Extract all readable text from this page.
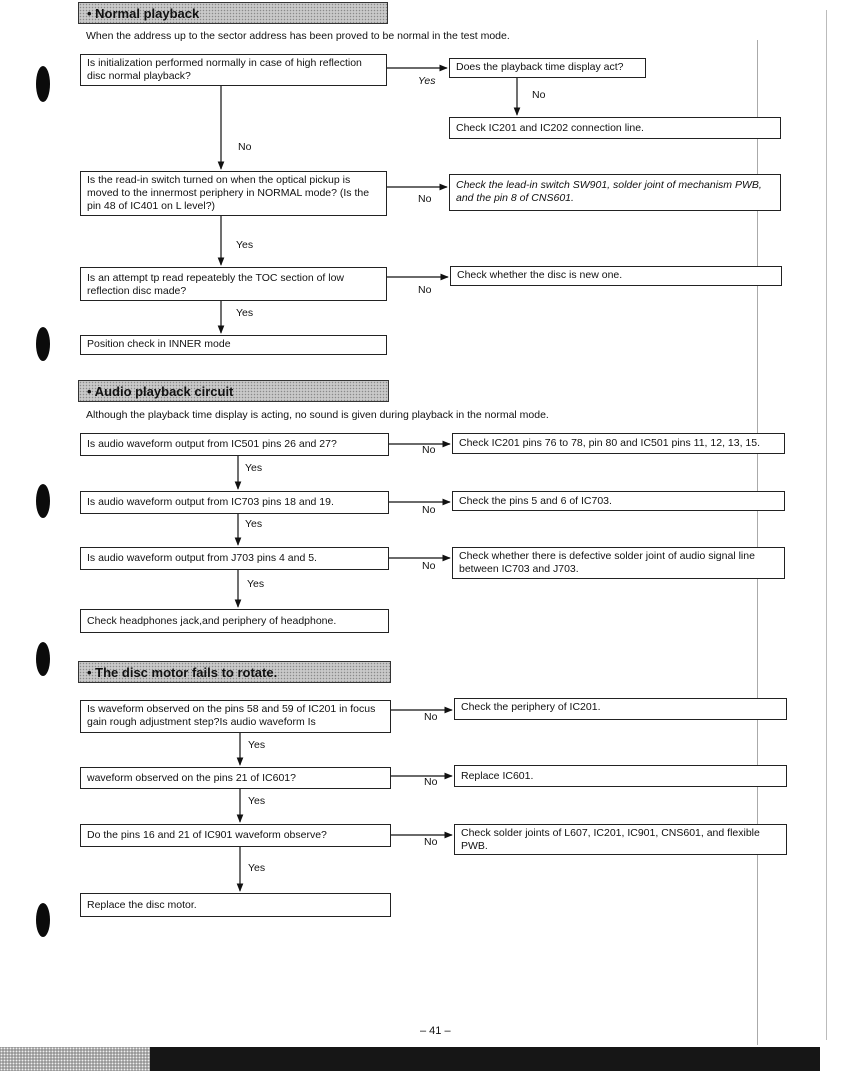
• Normal playback
When the address up to the sector address has been proved to be normal in the test mode.
Is initialization performed normally in case of high reflection disc normal playback?
Does the playback time display act?
Yes
No
Check IC201 and IC202 connection line.
No
Is the read-in switch turned on when the optical pickup is moved to the innermost periphery in NORMAL mode? (Is the pin 48 of IC401 on L level?)
Check the lead-in switch SW901, solder joint of mechanism PWB, and the pin 8 of CNS601.
No
Yes
Is an attempt tp read repeatebly the TOC section of low reflection disc made?
Check whether the disc is new one.
No
Yes
Position check in INNER mode
• Audio playback circuit
Although the playback time display is acting, no sound is given during playback in the normal mode.
Is audio waveform output from IC501 pins 26 and 27?	Check IC201 pins 76 to 78, pin 80 and IC501 pins 11, 12, 13, 15.
No
Yes
Is audio waveform output from IC703 pins 18 and 19.	Check the pins 5 and 6 of IC703.
No
Yes
Is audio waveform output from J703 pins 4 and 5.	Check whether there is defective solder joint of audio signal line between IC703 and J703.
No
Yes
Check headphones jack,and periphery of headphone.
• The disc motor fails to rotate.
Is waveform observed on the pins 58 and 59 of IC201 in focus gain rough adjustment step?Is audio waveform Is
Check the periphery of IC201.
No
Yes
waveform observed on the pins 21 of IC601?	Replace IC601.
No
Yes
Do the pins 16 and 21 of IC901 waveform observe?	Check solder joints of L607, IC201, IC901, CNS601, and flexible PWB.
No
Yes
Replace the disc motor.
– 41 –
